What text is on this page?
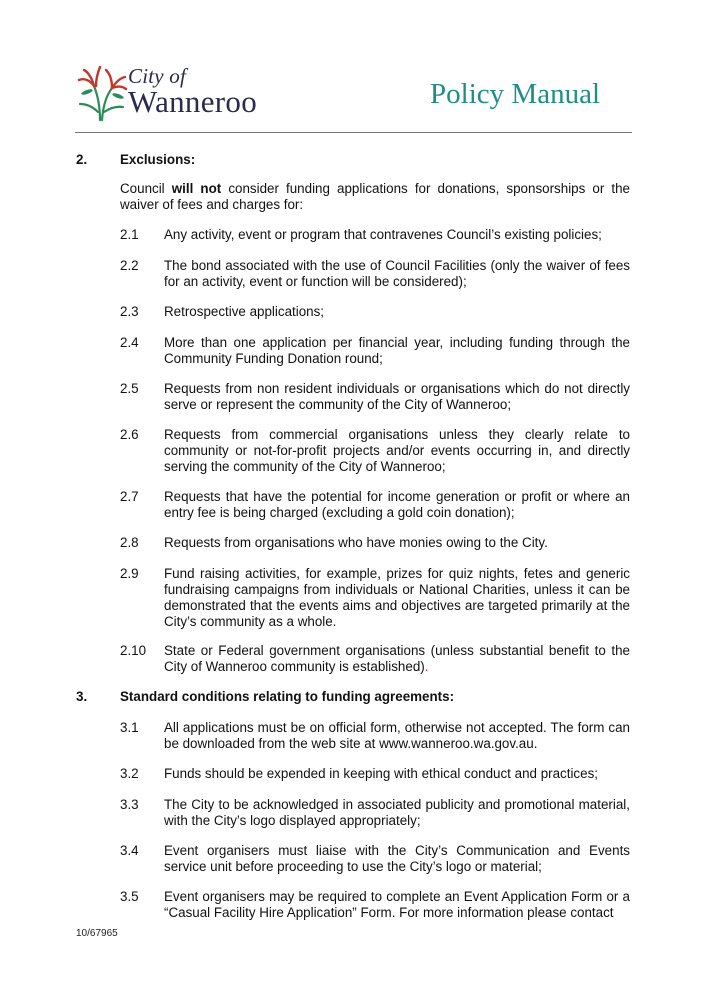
City of
Wanneroo	Policy Manual
2. Exclusions:
Council will not consider funding applications for donations, sponsorships or the waiver of fees and charges for:
2.1 Any activity, event or program that contravenes Council’s existing policies;
2.2 The bond associated with the use of Council Facilities (only the waiver of fees for an activity, event or function will be considered);
2.3 Retrospective applications;
2.4 More than one application per financial year, including funding through the Community Funding Donation round;
2.5 Requests from non resident individuals or organisations which do not directly serve or represent the community of the City of Wanneroo;
2.6 Requests from commercial organisations unless they clearly relate to community or not-for-profit projects and/or events occurring in, and directly serving the community of the City of Wanneroo;
2.7 Requests that have the potential for income generation or profit or where an entry fee is being charged (excluding a gold coin donation);
2.8 Requests from organisations who have monies owing to the City.
2.9 Fund raising activities, for example, prizes for quiz nights, fetes and generic fundraising campaigns from individuals or National Charities, unless it can be demonstrated that the events aims and objectives are targeted primarily at the City’s community as a whole.
2.10 State or Federal government organisations (unless substantial benefit to the City of Wanneroo community is established).
3. Standard conditions relating to funding agreements:
3.1 All applications must be on official form, otherwise not accepted. The form can be downloaded from the web site at www.wanneroo.wa.gov.au.
3.2 Funds should be expended in keeping with ethical conduct and practices;
3.3 The City to be acknowledged in associated publicity and promotional material, with the City’s logo displayed appropriately;
3.4 Event organisers must liaise with the City’s Communication and Events service unit before proceeding to use the City’s logo or material;
3.5 Event organisers may be required to complete an Event Application Form or a “Casual Facility Hire Application” Form. For more information please contact
10/67965
